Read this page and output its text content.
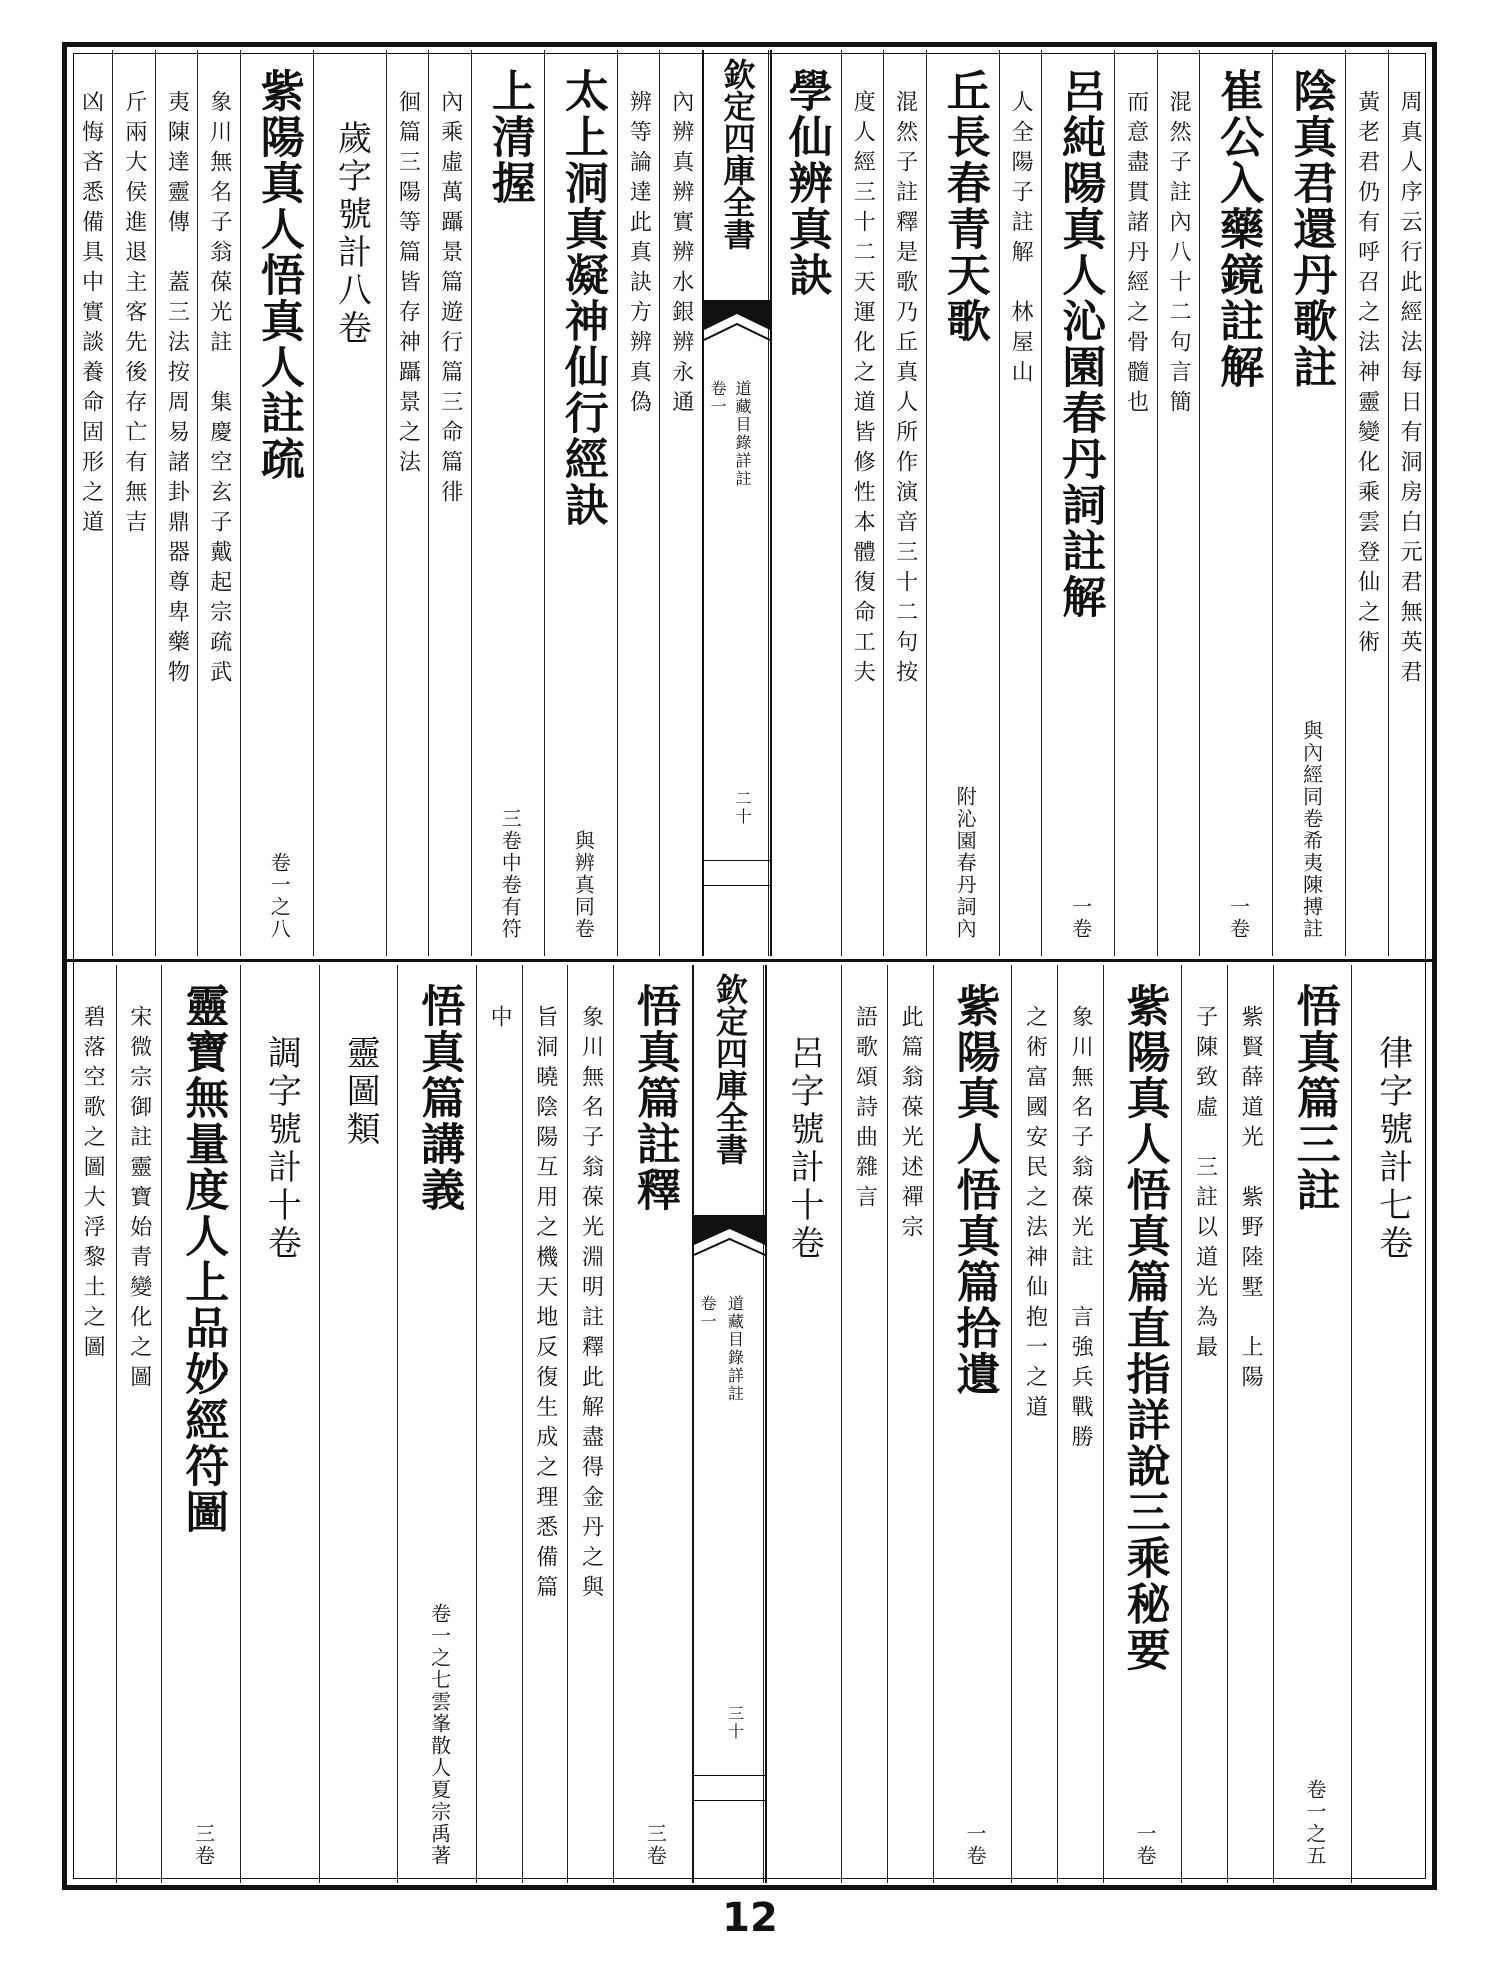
周真人序云行此經法每日有洞房白元君無英君
黃老君仍有呼召之法神靈變化乘雲登仙之術
陰真君還丹歌註
與內經同卷希夷陳搏註
崔公入藥鏡註解
一卷
混然子註內八十二句言簡
而意盡貫諸丹經之骨髓也
呂純陽真人沁園春丹詞註解
一卷
人全陽子註解　林屋山
丘長春青天歌
附沁園春丹詞內
混然子註釋是歌乃丘真人所作演音三十二句按
度人經三十二天運化之道皆修性本體復命工夫
學仙辨真訣
欽定四庫全書
道藏目錄詳註
卷一
二十
內辨真辨實辨水銀辨永通
辨等論達此真訣方辨真偽
太上洞真凝神仙行經訣
與辨真同卷
上清握
三卷中卷有符
內乘虛萬躡景篇遊行篇三命篇徘
徊篇三陽等篇皆存神躡景之法
歲字號計八卷
紫陽真人悟真人註疏
卷一之八
象川無名子翁葆光註　集慶空玄子戴起宗疏武
夷陳達靈傳　蓋三法按周易諸卦鼎器尊卑藥物
斤兩大侯進退主客先後存亡有無吉
凶悔吝悉備具中實談養命固形之道
律字號計七卷
悟真篇三註
卷一之五
紫賢薛道光　紫野陸墅　上陽
子陳致虛　三註以道光為最
紫陽真人悟真篇直指詳說三乘秘要
一卷
象川無名子翁葆光註　言強兵戰勝
之術富國安民之法神仙抱一之道
紫陽真人悟真篇拾遺
一卷
此篇翁葆光述禪宗
語歌頌詩曲雜言
呂字號計十卷
欽定四庫全書
道藏目錄詳註
卷一
三十
悟真篇註釋
三卷
象川無名子翁葆光淵明註釋此解盡得金丹之與
旨洞曉陰陽互用之機天地反復生成之理悉備篇
中
悟真篇講義
卷一之七雲峯散人夏宗禹著
靈圖類
調字號計十卷
靈寶無量度人上品妙經符圖
三卷
宋微宗御註靈寶始青變化之圖
碧落空歌之圖大浮黎土之圖
12
